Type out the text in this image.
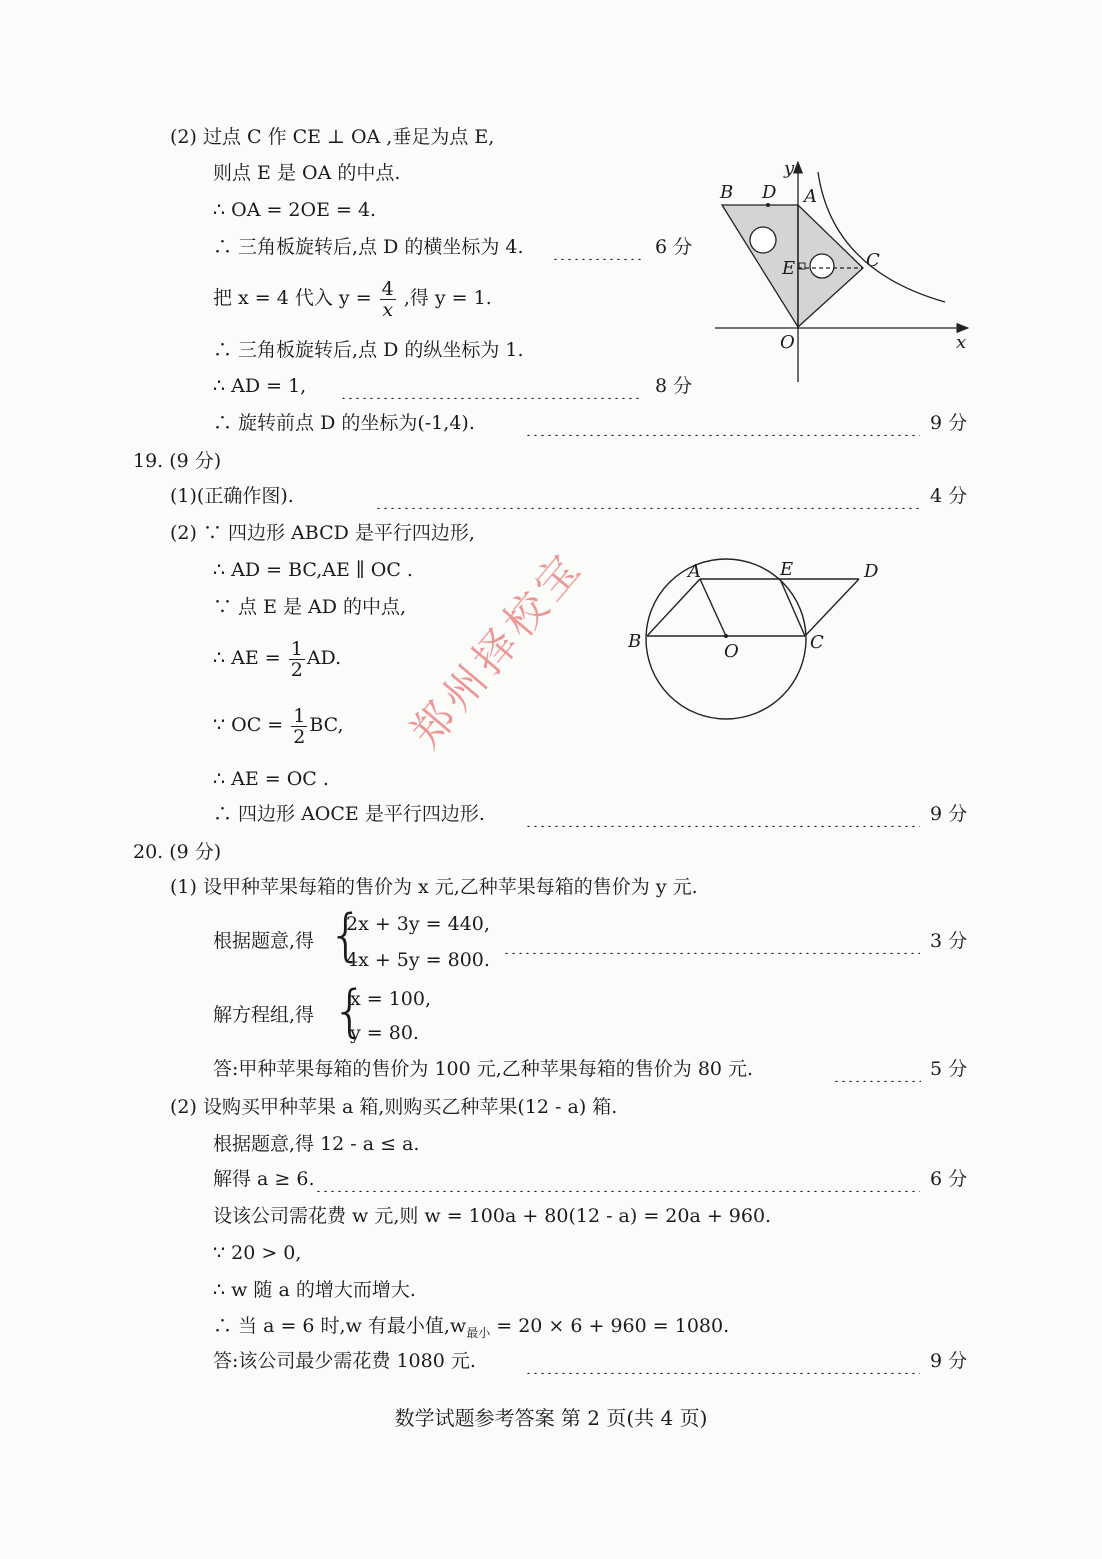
(2) 过点 C 作 CE ⊥ OA ,垂足为点 E,
则点 E 是 OA 的中点.
∴ OA = 2OE = 4.
∴ 三角板旋转后,点 D 的横坐标为 4.	6 分
把 x = 4 代入 $y = \frac{4}{x}$ ,得 y = 1.
∴ 三角板旋转后,点 D 的纵坐标为 1.
∴ AD = 1,	8 分
∴ 旋转前点 D 的坐标为(-1,4).	9 分
B D A
y
E	C
O	x
19. (9 分)
(1)(正确作图).	4 分
(2) ∵ 四边形 ABCD 是平行四边形,
∴ AD = BC,AE ∥ OC .
∵ 点 E 是 AD 的中点,
∴ AE = $\frac{1}{2}$ AD.
∵ OC = $\frac{1}{2}$ BC,
∴ AE = OC .
∴ 四边形 AOCE 是平行四边形.	9 分
A	E	D
B	O	C
20. (9 分)
(1) 设甲种苹果每箱的售价为 x 元,乙种苹果每箱的售价为 y 元.
根据题意,得 {
2x + 3y = 440,
4x + 5y = 800.
3 分
解方程组,得 {
x = 100,
y = 80.
答:甲种苹果每箱的售价为 100 元,乙种苹果每箱的售价为 80 元.	5 分
(2) 设购买甲种苹果 a 箱,则购买乙种苹果(12 - a) 箱.
根据题意,得 12 - a ≤ a.
解得 a ≥ 6.	6 分
设该公司需花费 w 元,则 w = 100a + 80(12 - a) = 20a + 960.
∵ 20 > 0,
∴ w 随 a 的增大而增大.
∴ 当 a = 6 时,w 有最小值$,w_{最小} = 20 \times 6 + 960 = 1080$.
答:该公司最少需花费 1080 元.	9 分
数学试题参考答案 第 2 页(共 4 页)
郑州择校宝
